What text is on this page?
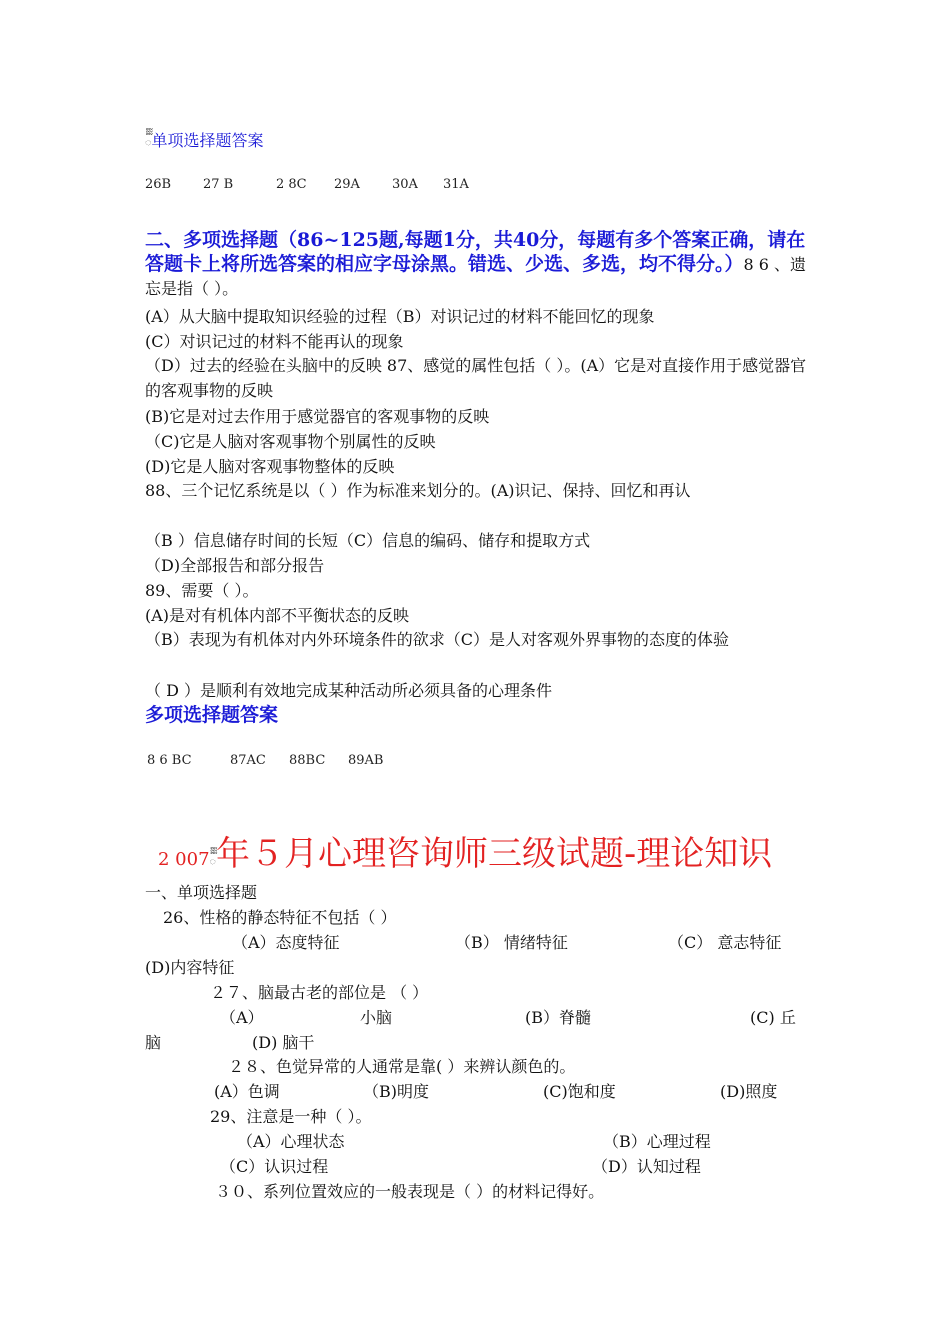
ᢆ单项选择题答案
26B 27 B	2 8C 29A 30A 31A
二、多项选择题（86~125题,每题1分，共40分，每题有多个答案正确，请在答题卡上将所选答案的相应字母涂黑。错选、少选、多选，均不得分。）8 6 、遗忘是指（ ）。
(A）从大脑中提取知识经验的过程（B）对识记过的材料不能回忆的现象
(C）对识记过的材料不能再认的现象
（D）过去的经验在头脑中的反映 87、感觉的属性包括（ ）。(A）它是对直接作用于感觉器官的客观事物的反映
(B)它是对过去作用于感觉器官的客观事物的反映
（C)它是人脑对客观事物个别属性的反映
(D)它是人脑对客观事物整体的反映
88、三个记忆系统是以（ ）作为标准来划分的。(A)识记、保持、回忆和再认
（B ）信息储存时间的长短（C）信息的编码、储存和提取方式
（D)全部报告和部分报告
89、需要（ ）。
(A)是对有机体内部不平衡状态的反映
（B）表现为有机体对内外环境条件的欲求（C）是人对客观外界事物的态度的体验
（ D ）是顺利有效地完成某种活动所必须具备的心理条件
多项选择题答案
8 6 BC	87AC 88BC 89AB
2 007ᢆ年５月心理咨询师三级试题-理论知识
一、单项选择题
26、性格的静态特征不包括（ ）
（A）态度特征	（B） 情绪特征	（C） 意志特征
(D)内容特征
２７、脑最古老的部位是 （ ）
（A）	小脑	(B）脊髓	(C) 丘
脑	(D) 脑干
２８、色觉异常的人通常是靠( ）来辨认颜色的。
(A）色调	（B)明度	(C)饱和度	(D)照度
29、注意是一种（ ）。
（A）心理状态	（B）心理过程
（C）认识过程	（D）认知过程
３０、系列位置效应的一般表现是（ ）的材料记得好。
